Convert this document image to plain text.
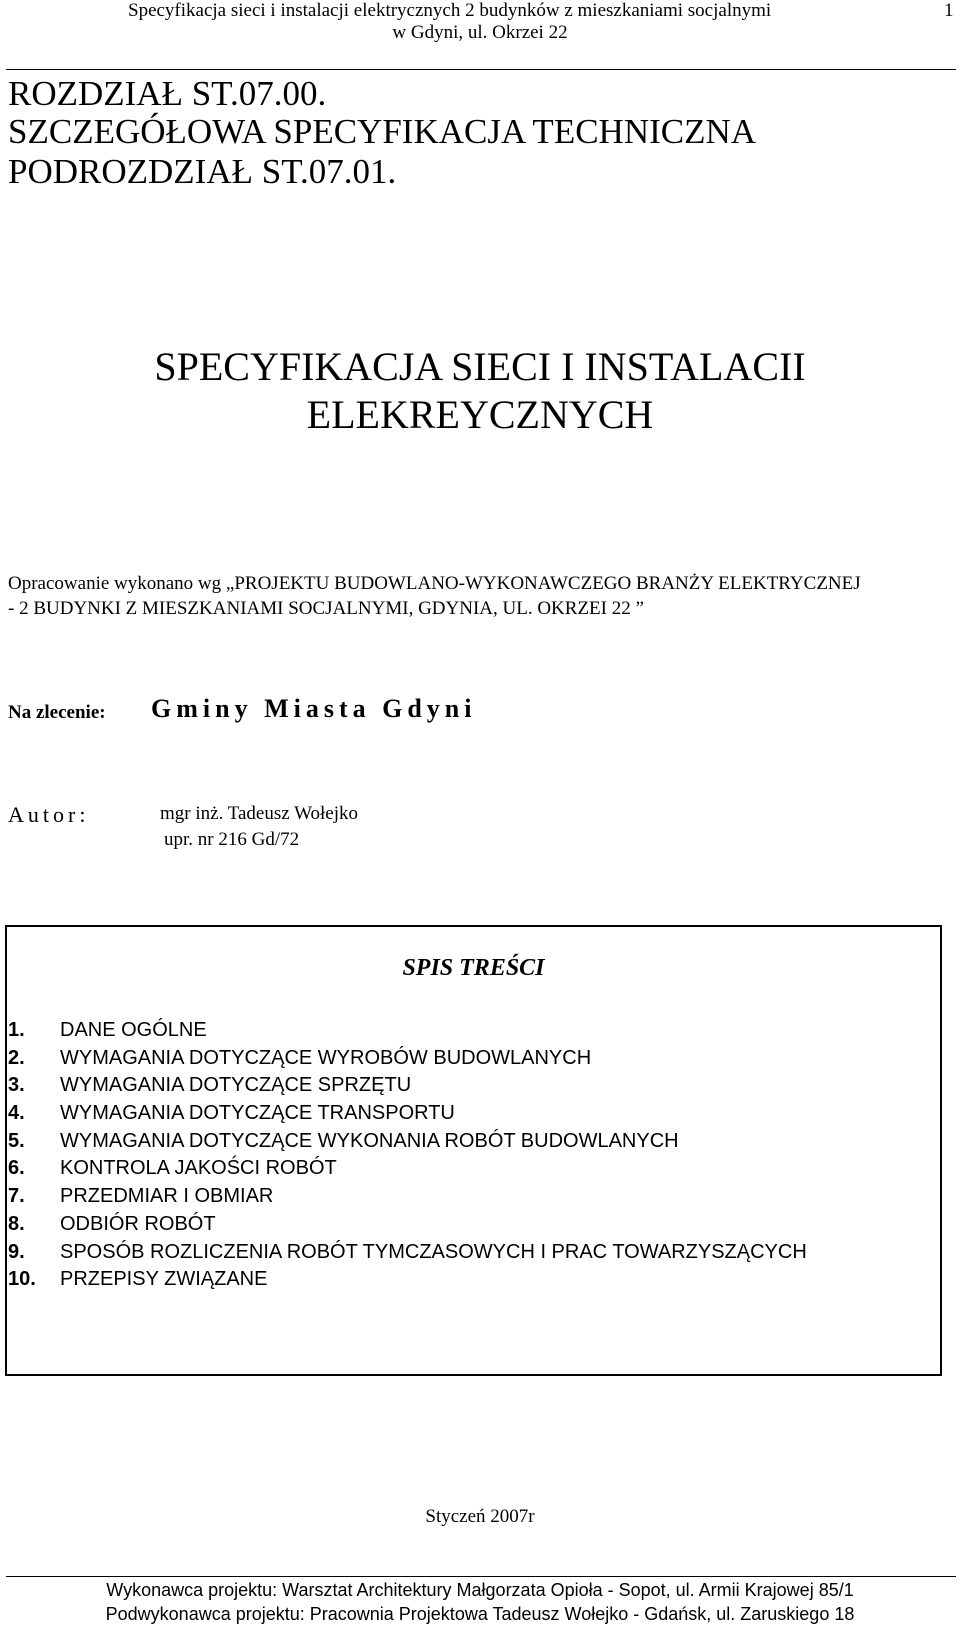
Specyfikacja sieci i instalacji elektrycznych 2 budynków z mieszkaniami socjalnymi
w Gdyni, ul. Okrzei 22
1
ROZDZIAŁ ST.07.00.
SZCZEGÓŁOWA SPECYFIKACJA TECHNICZNA
PODROZDZIAŁ ST.07.01.
SPECYFIKACJA SIECI I INSTALACII
ELEKREYCZNYCH
Opracowanie wykonano wg „PROJEKTU BUDOWLANO-WYKONAWCZEGO BRANŻY ELEKTRYCZNEJ
- 2 BUDYNKI Z MIESZKANIAMI SOCJALNYMI, GDYNIA, UL. OKRZEI 22 ”
Na zlecenie: Gminy Miasta Gdyni
Autor:	mgr inż. Tadeusz Wołejko
upr. nr 216 Gd/72
SPIS TREŚCI
1. DANE OGÓLNE
2. WYMAGANIA DOTYCZĄCE WYROBÓW BUDOWLANYCH
3. WYMAGANIA DOTYCZĄCE SPRZĘTU
4. WYMAGANIA DOTYCZĄCE TRANSPORTU
5. WYMAGANIA DOTYCZĄCE WYKONANIA ROBÓT BUDOWLANYCH
6. KONTROLA JAKOŚCI ROBÓT
7. PRZEDMIAR I OBMIAR
8. ODBIÓR ROBÓT
9. SPOSÓB ROZLICZENIA ROBÓT TYMCZASOWYCH I PRAC TOWARZYSZĄCYCH
10. PRZEPISY ZWIĄZANE
Styczeń 2007r
Wykonawca projektu: Warsztat Architektury Małgorzata Opioła - Sopot, ul. Armii Krajowej 85/1
Podwykonawca projektu: Pracownia Projektowa Tadeusz Wołejko - Gdańsk, ul. Zaruskiego 18
